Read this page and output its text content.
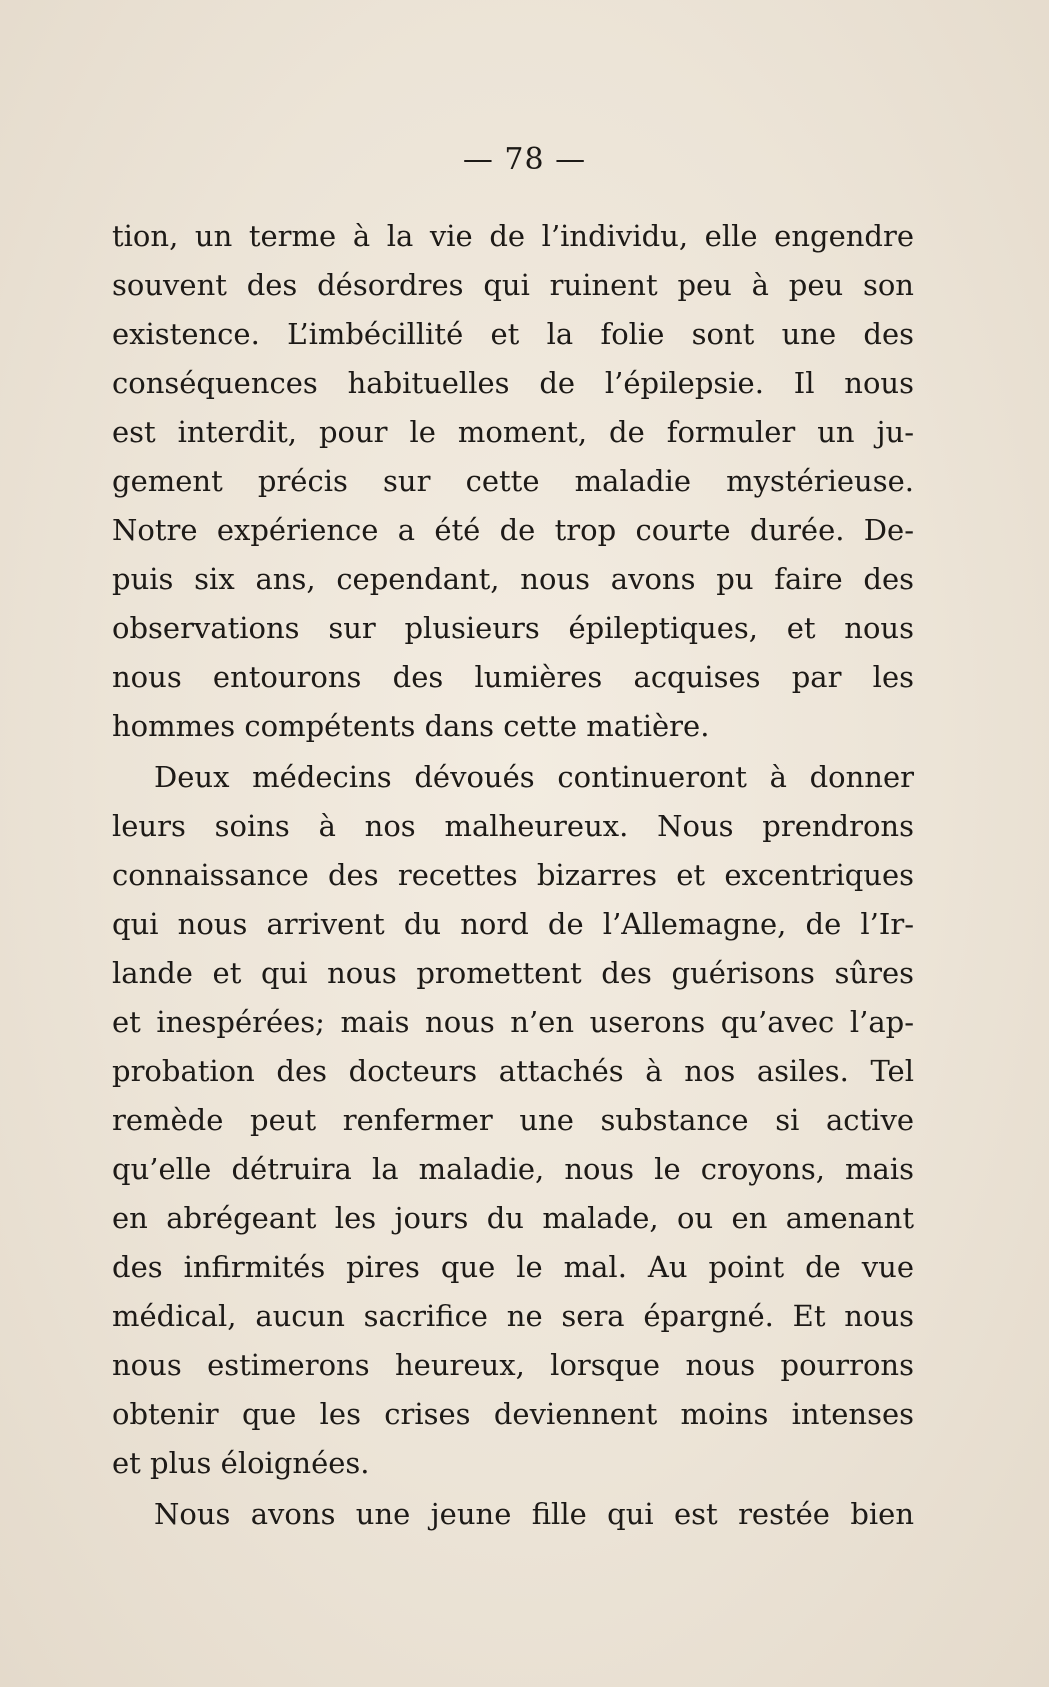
— 78 —
tion, un terme à la vie de l’individu, elle engendre
souvent des désordres qui ruinent peu à peu son
existence. L’imbécillité et la folie sont une des
conséquences habituelles de l’épilepsie. Il nous
est interdit, pour le moment, de formuler un ju-
gement précis sur cette maladie mystérieuse.
Notre expérience a été de trop courte durée. De-
puis six ans, cependant, nous avons pu faire des
observations sur plusieurs épileptiques, et nous
nous entourons des lumières acquises par les
hommes compétents dans cette matière.
Deux médecins dévoués continueront à donner
leurs soins à nos malheureux. Nous prendrons
connaissance des recettes bizarres et excentriques
qui nous arrivent du nord de l’Allemagne, de l’Ir-
lande et qui nous promettent des guérisons sûres
et inespérées; mais nous n’en userons qu’avec l’ap-
probation des docteurs attachés à nos asiles. Tel
remède peut renfermer une substance si active
qu’elle détruira la maladie, nous le croyons, mais
en abrégeant les jours du malade, ou en amenant
des infirmités pires que le mal. Au point de vue
médical, aucun sacrifice ne sera épargné. Et nous
nous estimerons heureux, lorsque nous pourrons
obtenir que les crises deviennent moins intenses
et plus éloignées.
Nous avons une jeune fille qui est restée bien
